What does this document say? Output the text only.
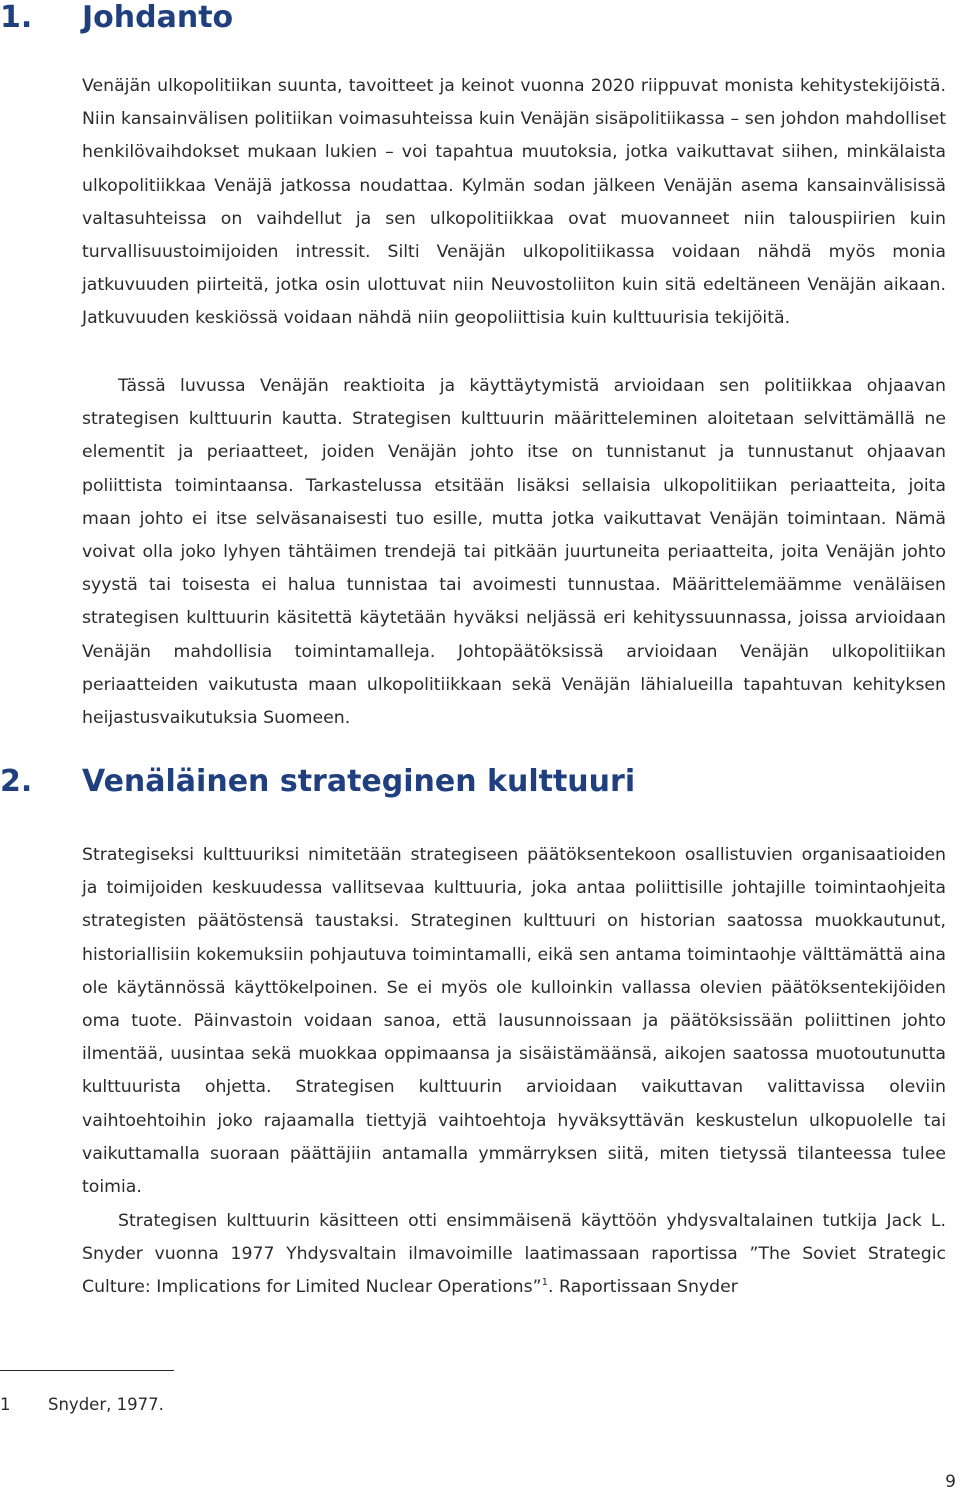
1. Johdanto

Venäjän ulkopolitiikan suunta, tavoitteet ja keinot vuonna 2020 riippuvat monista kehitystekijöistä. Niin kansainvälisen politiikan voimasuhteissa kuin Venäjän sisäpolitiikassa – sen johdon mahdolliset henkilövaihdokset mukaan lukien – voi tapahtua muutoksia, jotka vaikuttavat siihen, minkälaista ulkopolitiikkaa Venäjä jatkossa noudattaa. Kylmän sodan jälkeen Venäjän asema kansainvälisissä valtasuhteissa on vaihdellut ja sen ulkopolitiikkaa ovat muovanneet niin talouspiirien kuin turvallisuustoimijoiden intressit. Silti Venäjän ulkopolitiikassa voidaan nähdä myös monia jatkuvuuden piirteitä, jotka osin ulottuvat niin Neuvostoliiton kuin sitä edeltäneen Venäjän aikaan. Jatkuvuuden keskiössä voidaan nähdä niin geopoliittisia kuin kulttuurisia tekijöitä.

Tässä luvussa Venäjän reaktioita ja käyttäytymistä arvioidaan sen politiikkaa ohjaavan strategisen kulttuurin kautta. Strategisen kulttuurin määritteleminen aloitetaan selvittämällä ne elementit ja periaatteet, joiden Venäjän johto itse on tunnistanut ja tunnustanut ohjaavan poliittista toimintaansa. Tarkastelussa etsitään lisäksi sellaisia ulkopolitiikan periaatteita, joita maan johto ei itse selväsanaisesti tuo esille, mutta jotka vaikuttavat Venäjän toimintaan. Nämä voivat olla joko lyhyen tähtäimen trendejä tai pitkään juurtuneita periaatteita, joita Venäjän johto syystä tai toisesta ei halua tunnistaa tai avoimesti tunnustaa. Määrittelemäämme venäläisen strategisen kulttuurin käsitettä käytetään hyväksi neljässä eri kehityssuunnassa, joissa arvioidaan Venäjän mahdollisia toimintamalleja. Johtopäätöksissä arvioidaan Venäjän ulkopolitiikan periaatteiden vaikutusta maan ulkopolitiikkaan sekä Venäjän lähialueilla tapahtuvan kehityksen heijastusvaikutuksia Suomeen.

2. Venäläinen strateginen kulttuuri

Strategiseksi kulttuuriksi nimitetään strategiseen päätöksentekoon osallistuvien organisaatioiden ja toimijoiden keskuudessa vallitsevaa kulttuuria, joka antaa poliittisille johtajille toimintaohjeita strategisten päätöstensä taustaksi. Strateginen kulttuuri on historian saatossa muokkautunut, historiallisiin kokemuksiin pohjautuva toimintamalli, eikä sen antama toimintaohje välttämättä aina ole käytännössä käyttökelpoinen. Se ei myös ole kulloinkin vallassa olevien päätöksentekijöiden oma tuote. Päinvastoin voidaan sanoa, että lausunnoissaan ja päätöksissään poliittinen johto ilmentää, uusintaa sekä muokkaa oppimaansa ja sisäistämäänsä, aikojen saatossa muotoutunutta kulttuurista ohjetta. Strategisen kulttuurin arvioidaan vaikuttavan valittavissa oleviin vaihtoehtoihin joko rajaamalla tiettyjä vaihtoehtoja hyväksyttävän keskustelun ulkopuolelle tai vaikuttamalla suoraan päättäjiin antamalla ymmärryksen siitä, miten tietyssä tilanteessa tulee toimia.

Strategisen kulttuurin käsitteen otti ensimmäisenä käyttöön yhdysvaltalainen tutkija Jack L. Snyder vuonna 1977 Yhdysvaltain ilmavoimille laatimassaan raportissa ”The Soviet Strategic Culture: Implications for Limited Nuclear Operations”$^1$. Raportissaan Snyder

1 Snyder, 1977.
9
